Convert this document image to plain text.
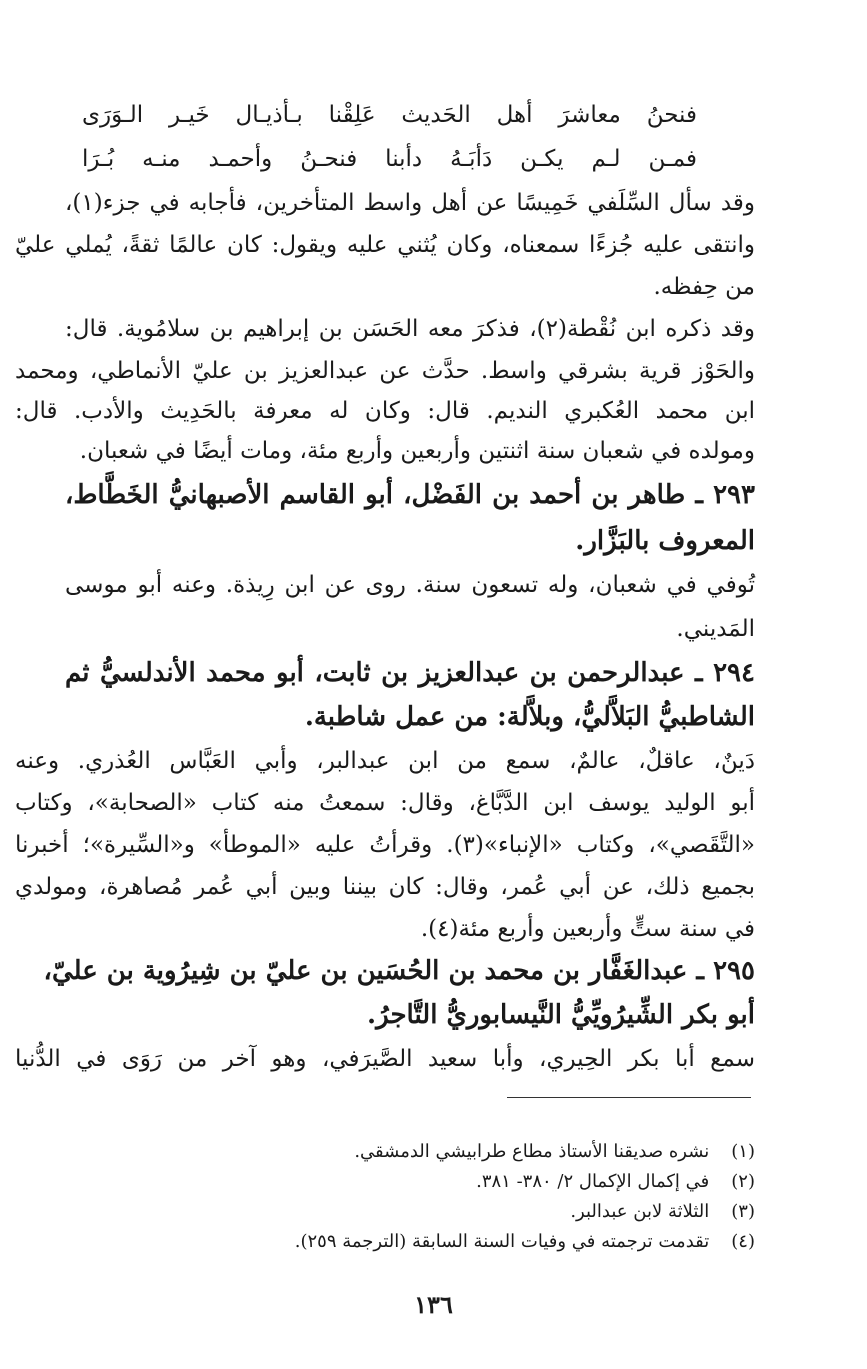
فنحنُ معاشرَ أهل الحَديث عَلِقْنا بـأذيـال خَيـر الـوَرَى
فمـن لـم يكـن دَأبَـهُ دأبنا فنحـنُ وأحمـد منـه بُـرَا
وقد سأل السِّلَفي خَمِيسًا عن أهل واسط المتأخرين، فأجابه في جزء(١)،
وانتقى عليه جُزءًا سمعناه، وكان يُثني عليه ويقول: كان عالمًا ثقةً، يُملي عليّ
من حِفظه.
وقد ذكره ابن نُقْطة(٢)، فذكرَ معه الحَسَن بن إبراهيم بن سلامُوية. قال:
والحَوْز قرية بشرقي واسط. حدَّث عن عبدالعزيز بن عليّ الأنماطي، ومحمد
ابن محمد العُكبري النديم. قال: وكان له معرفة بالحَدِيث والأدب. قال:
ومولده في شعبان سنة اثنتين وأربعين وأربع مئة، ومات أيضًا في شعبان.
٢٩٣ ـ طاهر بن أحمد بن الفَضْل، أبو القاسم الأصبهانيُّ الخَطَّاط،
المعروف بالبَزَّار.
تُوفي في شعبان، وله تسعون سنة. روى عن ابن رِيذة. وعنه أبو موسى
المَديني.
٢٩٤ ـ عبدالرحمن بن عبدالعزيز بن ثابت، أبو محمد الأندلسيُّ ثم
الشاطبيُّ البَلاَّليُّ، وبلاَّلة: من عمل شاطبة.
دَينٌ، عاقلٌ، عالمٌ، سمع من ابن عبدالبر، وأبي العَبَّاس العُذري. وعنه
أبو الوليد يوسف ابن الدَّبَّاغ، وقال: سمعتُ منه كتاب «الصحابة»، وكتاب
«التَّقَصي»، وكتاب «الإنباء»(٣). وقرأتُ عليه «الموطأ» و«السِّيرة»؛ أخبرنا
بجميع ذلك، عن أبي عُمر، وقال: كان بيننا وبين أبي عُمر مُصاهرة، ومولدي
في سنة ستٍّ وأربعين وأربع مئة(٤).
٢٩٥ ـ عبدالغَفَّار بن محمد بن الحُسَين بن عليّ بن شِيرُوية بن عليّ،
أبو بكر الشِّيرُويِّيُّ النَّيسابوريُّ التَّاجرُ.
سمع أبا بكر الحِيري، وأبا سعيد الصَّيرَفي، وهو آخر من رَوَى في الدُّنيا
(١) نشره صديقنا الأستاذ مطاع طرابيشي الدمشقي.
(٢) في إكمال الإكمال ٢/ ٣٨٠- ٣٨١.
(٣) الثلاثة لابن عبدالبر.
(٤) تقدمت ترجمته في وفيات السنة السابقة (الترجمة ٢٥٩).
١٣٦
